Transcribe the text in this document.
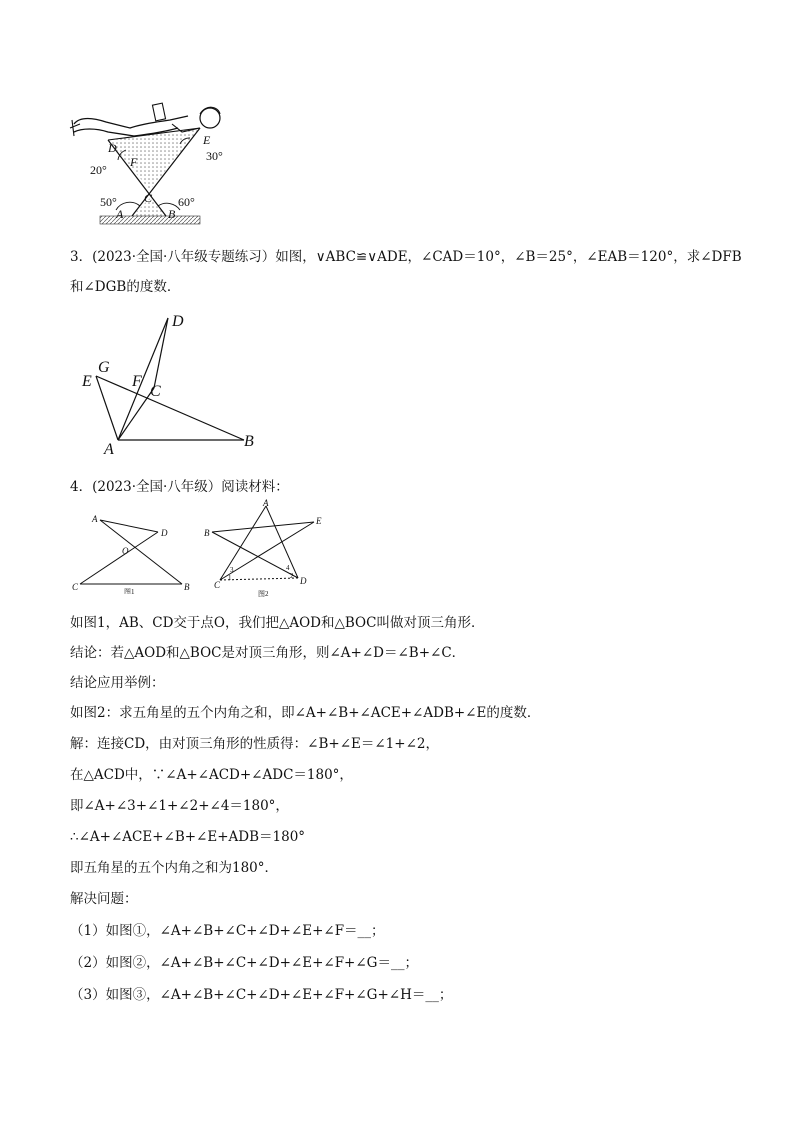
D
E
F
C
A	B
20°
30°
50°	60°
3．(2023·全国·八年级专题练习）如图，∨ABC≌∨ADE，∠CAD＝10°，∠B＝25°，∠EAB＝120°，求∠DFB
和∠DGB的度数．
D
G
E	F
C
A	B
4．(2023·全国·八年级）阅读材料：
A
D
O
C	B
图1
A
B
E
C	D
1	2
3	4
图2
如图1，AB、CD交于点O，我们把△AOD和△BOC叫做对顶三角形．
结论：若△AOD和△BOC是对顶三角形，则∠A+∠D＝∠B+∠C．
结论应用举例：
如图2：求五角星的五个内角之和，即∠A+∠B+∠ACE+∠ADB+∠E的度数．
解：连接CD，由对顶三角形的性质得：∠B+∠E＝∠1+∠2，
在△ACD中，∵∠A+∠ACD+∠ADC＝180°，
即∠A+∠3+∠1+∠2+∠4＝180°，
∴∠A+∠ACE+∠B+∠E+ADB＝180°
即五角星的五个内角之和为180°．
解决问题：
（1）如图①，∠A+∠B+∠C+∠D+∠E+∠F＝__；
（2）如图②，∠A+∠B+∠C+∠D+∠E+∠F+∠G＝__；
（3）如图③，∠A+∠B+∠C+∠D+∠E+∠F+∠G+∠H＝__；
